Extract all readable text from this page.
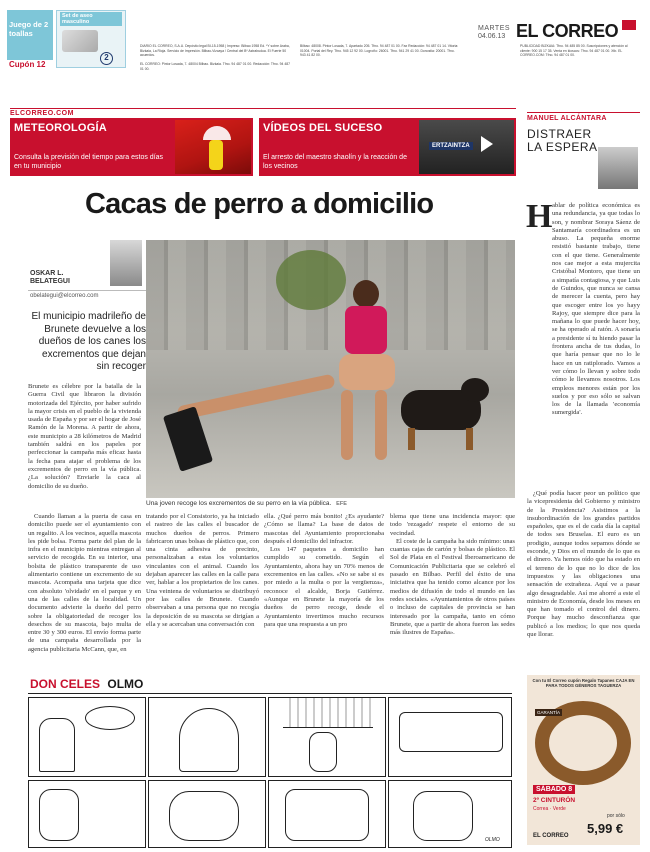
Juego de 2 toallas
Cupón 12
Set de aseo masculino
2
DIARIO EL CORREO, S.A.U. Depósito legal BI-15-1958 | Impreso: Bilbao 1958 Ed. *Y sobre Araba, Bizkaia, La Rioja. Servicio de Impresión. Bilbao-Vizcaya / Central del Bº Astrabudua. El Fuerte 50 acuerdos.
Bilbao: 48008. Pintor Losada, 7. Apartado 205. Tfno. 94 487 01 00. Fax Redacción: 94 487 01 14. Vitoria: 01004. Portal del Rey. Tfno. 945 12 92 00. Logroño: 26001. Tfno. 941 29 41 00. Donostia: 20001. Tfno. 943 41 82 00.
PUBLICIDAD BIZKAIA: Tfno. 94 485 85 00. Suscripciones y atención al cliente: 900 15 17 35. Venta en kioscos: Tfno. 94 487 01 00. Xtb. EL CORREO.COM: Tfno. 94 487 01 00.
EL CORREO: Pintor Losada, 7. 48004 Bilbao. Bizkaia. Tfno. 94 487 01 00. Redacción: Tfno. 94 487 01 00.
MARTES
04.06.13 EL CORREO
ELCORREO.COM
METEOROLOGÍA
Consulta la previsión del tiempo para estos días en tu municipio
VÍDEOS DEL SUCESO
El arresto del maestro shaolín y la reacción de los vecinos
ERTZAINTZA
MANUEL ALCÁNTARA
DISTRAER LA ESPERA
H ablar de política económica es una redundancia, ya que todas lo son, y nombrar Soraya Sáenz de Santamaría coordinadora es un abuso. La pequeña enorme resistió bastante trabajo, tiene con el que tiene. Generalmente nos cae mejor a esta mujercita Cristóbal Montoro, que tiene un a simpatía contagiosa, y que Luis de Guindos, que nunca se cansa de merecer la cuenta, pero hay que escoger entre los yo hayy Rajoy, que siempre dice para la mañana lo que puede hacer hoy, se ha operado al ratón. A sonaría a presidente sí tu hiendo pasar la frontera ancha de tus dudas, lo que haría pensar que no lo le hace en un ratiplorado. Vamos a ver cómo lo llevan y sobre todo cómo le llevamos nosotros. Los empleos menores están por los suelos y por eso sólo se salvan los de la llamada 'economía sumergida'.
¿Qué podía hacer peor un político que la vicepresidenta del Gobierno y ministro de la Presidencia? Asistimos a la insubordinación de los grandes partidos españoles, que es el de cada día la capital de todos ses Bruselas. El euro es un prodigio, aunque todos sepamos dónde se esconde, y Dios en el mundo de lo que es el dinero. Ya hemos oído que ha estado en el terreno de lo que no lo dice de los impuestos y las obligaciones una sensación de extrañeza. Aquí ve a pasar algo desagradable. Así me ahorré a este el ministro de Economía, desde los meses en que han tomado el control del dinero. Porque hay mucho desconfianza que publicó a los medios; lo que nos queda que llorar.
Cacas de perro a domicilio
OSKAR L. BELATEGUI
obelategui@elcorreo.com
El municipio madrileño de Brunete devuelve a los dueños de los canes los excrementos que dejan sin recoger
Una joven recoge los excrementos de su perro en la vía pública. EFE
Brunete es célebre por la batalla de la Guerra Civil que libraron la división motorizada del Ejército, por haber sufrido la mayor crisis en el pueblo de la vivienda usada de España y por ser el hogar de José Ramón de la Morena. A partir de ahora, este municipio a 28 kilómetros de Madrid también saldrá en los papeles por perfeccionar la campaña más eficaz hasta la fecha para atajar el problema de los excrementos de perro en la vía pública. ¿La solución? Enviarle la caca al domicilio de su dueño.
Cuando llaman a la puerta de casa en domicilio puede ser el ayuntamiento con un regalito. A los vecinos, aquella mascota les pide bolsa. Forma parte del plan de la infra en el municipio mientras entregan al servicio de recogida. En su interior, una bolsita de plástico transparente de uso alimentario contiene un excremento de su mascota. Acompaña una tarjeta que dice con absoluto 'olvidado' en el parque y en una de las calles de la localidad. Un documento advierte la dueño del perro sobre la obligatoriedad de recoger los desechos de su mascota, bajo multa de entre 30 y 300 euros. El envío forma parte de una campaña desarrollada por la agencia publicitaria McCann, que, en
tratando por el Consistorio, ya ha iniciado el rastreo de las calles el buscador de muchos dueños de perros. Primero fabricaron unas bolsas de plástico que, con una cinta adhesiva de precinto, personalizaban a estas los voluntarios vinculantes con el animal. Cuando los dejaban aparecer las calles en la calle para ver, hablar a los propietarios de los canes. Una veintena de voluntarios se distribuyó por las calles de Brunete. Cuando observaban a una persona que no recogía la deposición de su mascota se dirigían a ella y se acercaban una conversación con
ella. ¿Qué perro más bonito! ¿Es ayudante? ¿Cómo se llama? La base de datos de mascotas del Ayuntamiento proporcionaba después el domicilio del infractor.
Los 147 paquetes a domicilio han cumplido su cometido. Según el Ayuntamiento, ahora hay un 70% menos de excrementos en las calles. «No se sabe si es por miedo a la multa o por la vergüenza», reconoce el alcalde, Borja Gutiérrez. «Aunque en Brunete la mayoría de los dueños de perro recoge, desde el Ayuntamiento invertimos mucho recursos para que una respuesta a un pro
blema que tiene una incidencia mayor: que todo 'rezagado' respete el entorno de su vecindad.
El coste de la campaña ha sido mínimo: unas cuantas cajas de cartón y bolsas de plástico. El Sol de Plata en el Festival Iberoamericano de Comunicación Publicitaria que se celebró el pasado en Bilbao. Perfil del éxito de una iniciativa que ha tenido como alcance por los medios de difusión de todo el mundo en las redes sociales. «Ayuntamientos de otros países o incluso de capitales de provincia se han interesado por la campaña, tanto en cómo Brunete, que a partir de ahora fueron las sedes más ilustres de España».
DON CELES OLMO
OLMO
Con tu El Correo cupón Regalo Tapanes CAJA EN PARA TODOS GÉNEROS TAGUERZA
GARANTÍA
SÁBADO 8
2º CINTURÓN
Correa · Verde
por sólo
5,99 €
EL CORREO
